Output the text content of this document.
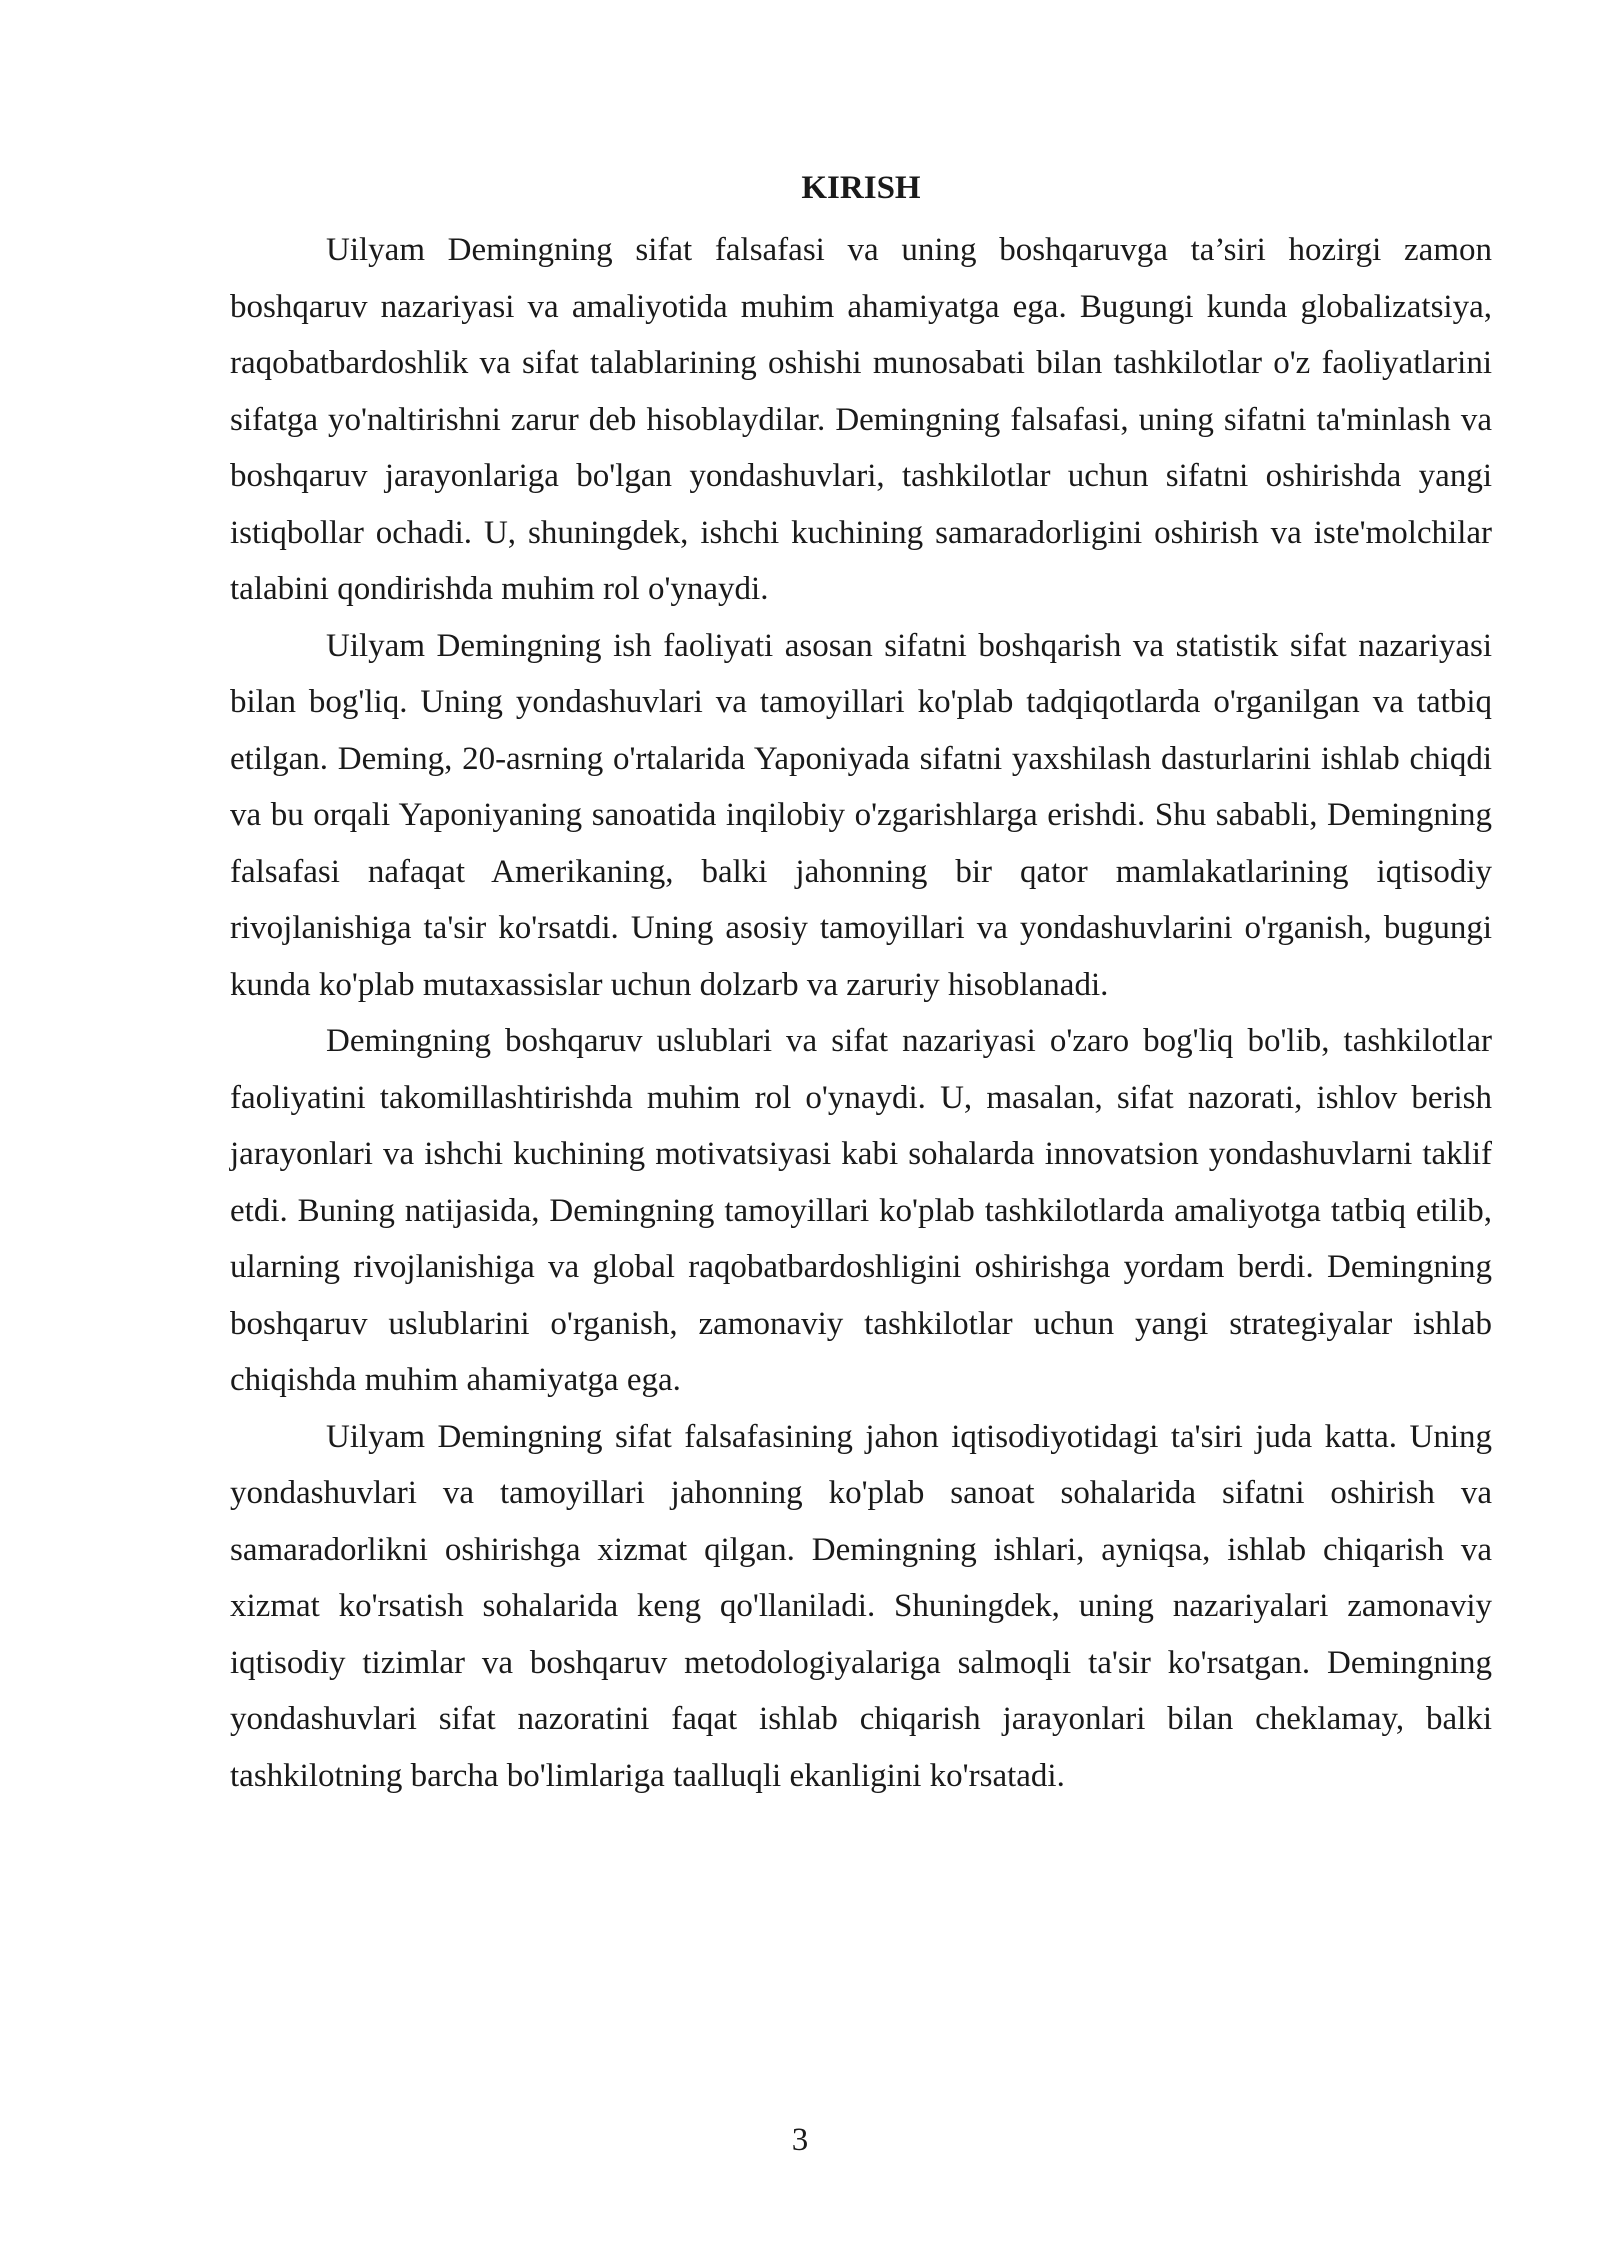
KIRISH

Uilyam Demingning sifat falsafasi va uning boshqaruvga ta’siri hozirgi zamon boshqaruv nazariyasi va amaliyotida muhim ahamiyatga ega. Bugungi kunda globalizatsiya, raqobatbardoshlik va sifat talablarining oshishi munosabati bilan tashkilotlar o'z faoliyatlarini sifatga yo'naltirishni zarur deb hisoblaydilar. Demingning falsafasi, uning sifatni ta'minlash va boshqaruv jarayonlariga bo'lgan yondashuvlari, tashkilotlar uchun sifatni oshirishda yangi istiqbollar ochadi. U, shuningdek, ishchi kuchining samaradorligini oshirish va iste'molchilar talabini qondirishda muhim rol o'ynaydi.

Uilyam Demingning ish faoliyati asosan sifatni boshqarish va statistik sifat nazariyasi bilan bog'liq. Uning yondashuvlari va tamoyillari ko'plab tadqiqotlarda o'rganilgan va tatbiq etilgan. Deming, 20-asrning o'rtalarida Yaponiyada sifatni yaxshilash dasturlarini ishlab chiqdi va bu orqali Yaponiyaning sanoatida inqilobiy o'zgarishlarga erishdi. Shu sababli, Demingning falsafasi nafaqat Amerikaning, balki jahonning bir qator mamlakatlarining iqtisodiy rivojlanishiga ta'sir ko'rsatdi. Uning asosiy tamoyillari va yondashuvlarini o'rganish, bugungi kunda ko'plab mutaxassislar uchun dolzarb va zaruriy hisoblanadi.

Demingning boshqaruv uslublari va sifat nazariyasi o'zaro bog'liq bo'lib, tashkilotlar faoliyatini takomillashtirishda muhim rol o'ynaydi. U, masalan, sifat nazorati, ishlov berish jarayonlari va ishchi kuchining motivatsiyasi kabi sohalarda innovatsion yondashuvlarni taklif etdi. Buning natijasida, Demingning tamoyillari ko'plab tashkilotlarda amaliyotga tatbiq etilib, ularning rivojlanishiga va global raqobatbardoshligini oshirishga yordam berdi. Demingning boshqaruv uslublarini o'rganish, zamonaviy tashkilotlar uchun yangi strategiyalar ishlab chiqishda muhim ahamiyatga ega.

Uilyam Demingning sifat falsafasining jahon iqtisodiyotidagi ta'siri juda katta. Uning yondashuvlari va tamoyillari jahonning ko'plab sanoat sohalarida sifatni oshirish va samaradorlikni oshirishga xizmat qilgan. Demingning ishlari, ayniqsa, ishlab chiqarish va xizmat ko'rsatish sohalarida keng qo'llaniladi. Shuningdek, uning nazariyalari zamonaviy iqtisodiy tizimlar va boshqaruv metodologiyalariga salmoqli ta'sir ko'rsatgan. Demingning yondashuvlari sifat nazoratini faqat ishlab chiqarish jarayonlari bilan cheklamay, balki tashkilotning barcha bo'limlariga taalluqli ekanligini ko'rsatadi.

3
